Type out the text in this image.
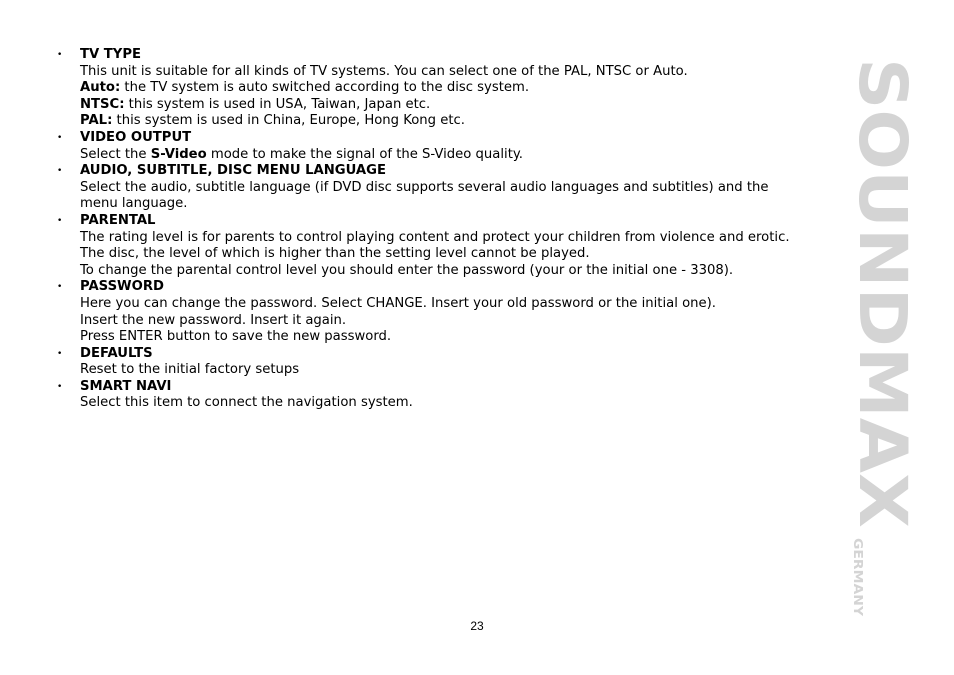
• TV TYPE
This unit is suitable for all kinds of TV systems. You can select one of the PAL, NTSC or Auto.
Auto: the TV system is auto switched according to the disc system.
NTSC: this system is used in USA, Taiwan, Japan etc.
PAL: this system is used in China, Europe, Hong Kong etc.
• VIDEO OUTPUT
Select the S-Video mode to make the signal of the S-Video quality.
• AUDIO, SUBTITLE, DISC MENU LANGUAGE
Select the audio, subtitle language (if DVD disc supports several audio languages and subtitles) and the menu language.
• PARENTAL
The rating level is for parents to control playing content and protect your children from violence and erotic. The disc, the level of which is higher than the setting level cannot be played.
To change the parental control level you should enter the password (your or the initial one - 3308).
• PASSWORD
Here you can change the password. Select CHANGE. Insert your old password or the initial one).
Insert the new password. Insert it again.
Press ENTER button to save the new password.
• DEFAULTS
Reset to the initial factory setups
• SMART NAVI
Select this item to connect the navigation system.	SOUNDMAX
GERMANY
23
